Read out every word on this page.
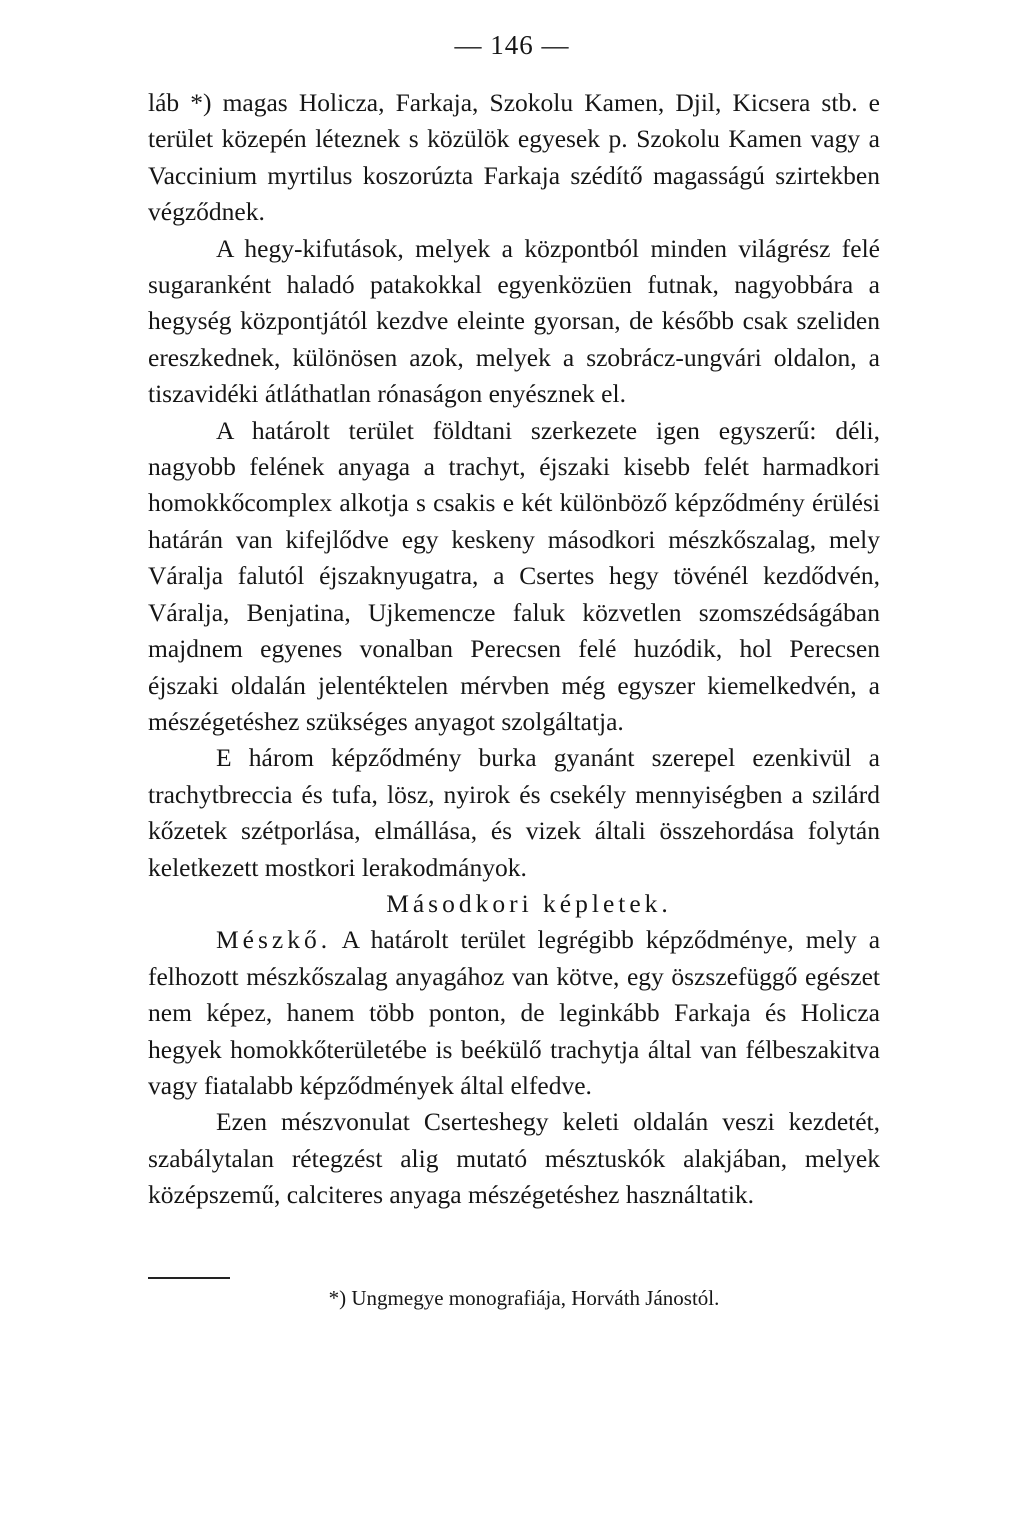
— 146 —

láb *) magas Holicza, Farkaja, Szokolu Kamen, Djil, Kicsera stb. e terület közepén léteznek s közülök egyesek p. Szokolu Kamen vagy a Vaccinium myrtilus koszorúzta Farkaja szédítő magasságú szirtekben végződnek.

A hegy-kifutások, melyek a központból minden világrész felé sugaranként haladó patakokkal egyenközüen futnak, nagyobbára a hegység központjától kezdve eleinte gyorsan, de később csak szeliden ereszkednek, különösen azok, melyek a szobrácz-ungvári oldalon, a tiszavidéki átláthatlan rónaságon enyésznek el.

A határolt terület földtani szerkezete igen egyszerű: déli, nagyobb felének anyaga a trachyt, éjszaki kisebb felét harmadkori homokkőcomplex alkotja s csakis e két különböző képződmény érülési határán van kifejlődve egy keskeny másodkori mészkőszalag, mely Váralja falutól éjszaknyugatra, a Csertes hegy tövénél kezdődvén, Váralja, Benjatina, Ujkemencze faluk közvetlen szomszédságában majdnem egyenes vonalban Perecsen felé huzódik, hol Perecsen éjszaki oldalán jelentéktelen mérvben még egyszer kiemelkedvén, a mészégetéshez szükséges anyagot szolgáltatja.

E három képződmény burka gyanánt szerepel ezenkivül a trachytbreccia és tufa, lösz, nyirok és csekély mennyiségben a szilárd kőzetek szétporlása, elmállása, és vizek általi összehordása folytán keletkezett mostkori lerakodmányok.

Másodkori képletek.

Mészkő. A határolt terület legrégibb képződménye, mely a felhozott mészkőszalag anyagához van kötve, egy öszszefüggő egészet nem képez, hanem több ponton, de leginkább Farkaja és Holicza hegyek homokkőterületébe is beékülő trachytja által van félbeszakitva vagy fiatalabb képződmények által elfedve.

Ezen mészvonulat Cserteshegy keleti oldalán veszi kezdetét, szabálytalan rétegzést alig mutató mésztuskók alakjában, melyek középszemű, calciteres anyaga mészégetéshez használtatik.

*) Ungmegye monografiája, Horváth Jánostól.
